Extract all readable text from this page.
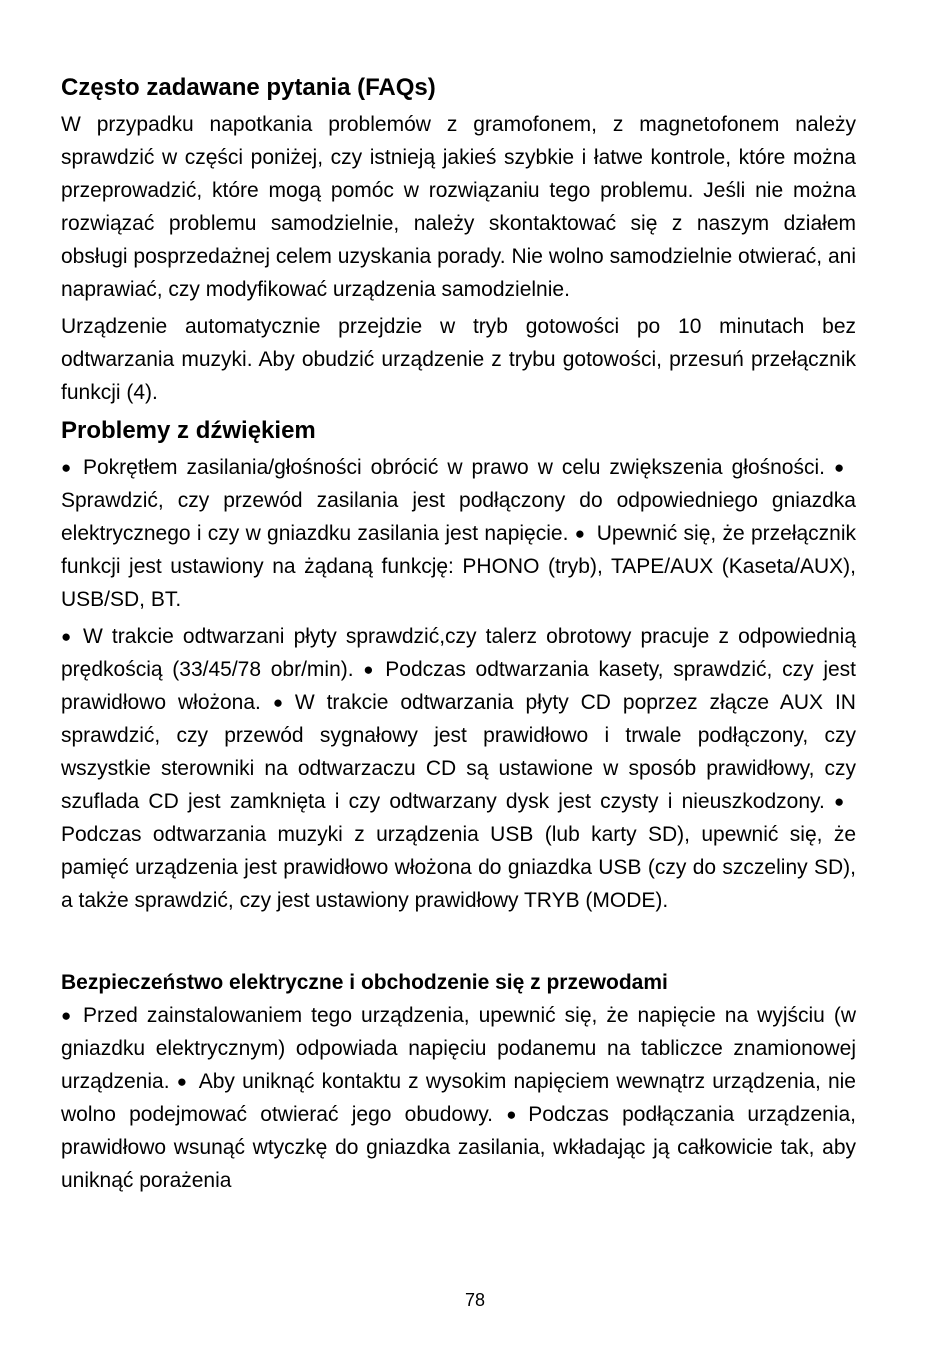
Często zadawane pytania (FAQs)

W przypadku napotkania problemów z gramofonem, z magnetofonem należy sprawdzić w części poniżej, czy istnieją jakieś szybkie i łatwe kontrole, które można przeprowadzić, które mogą pomóc w rozwiązaniu tego problemu. Jeśli nie można rozwiązać problemu samodzielnie, należy skontaktować się z naszym działem obsługi posprzedażnej celem uzyskania porady. Nie wolno samodzielnie otwierać, ani naprawiać, czy modyfikować urządzenia samodzielnie.

Urządzenie automatycznie przejdzie w tryb gotowości po 10 minutach bez odtwarzania muzyki. Aby obudzić urządzenie z trybu gotowości, przesuń przełącznik funkcji (4).

Problemy z dźwiękiem

● Pokrętłem zasilania/głośności obrócić w prawo w celu zwiększenia głośności. ●Sprawdzić, czy przewód zasilania jest podłączony do odpowiedniego gniazdka elektrycznego i czy w gniazdku zasilania jest napięcie. ● Upewnić się, że przełącznik funkcji jest ustawiony na żądaną funkcję: PHONO (tryb), TAPE/AUX (Kaseta/AUX), USB/SD, BT.

● W trakcie odtwarzani płyty sprawdzić,czy talerz obrotowy pracuje z odpowiednią prędkością (33/45/78 obr/min). ● Podczas odtwarzania kasety, sprawdzić, czy jest prawidłowo włożona. ● W trakcie odtwarzania płyty CD poprzez złącze AUX IN sprawdzić, czy przewód sygnałowy jest prawidłowo i trwale podłączony, czy wszystkie sterowniki na odtwarzaczu CD są ustawione w sposób prawidłowy, czy szuflada CD jest zamknięta i czy odtwarzany dysk jest czysty i nieuszkodzony. ●Podczas odtwarzania muzyki z urządzenia USB (lub karty SD), upewnić się, że pamięć urządzenia jest prawidłowo włożona do gniazdka USB (czy do szczeliny SD), a także sprawdzić, czy jest ustawiony prawidłowy TRYB (MODE).

Bezpieczeństwo elektryczne i obchodzenie się z przewodami

● Przed zainstalowaniem tego urządzenia, upewnić się, że napięcie na wyjściu (w gniazdku elektrycznym) odpowiada napięciu podanemu na tabliczce znamionowej urządzenia. ● Aby uniknąć kontaktu z wysokim napięciem wewnątrz urządzenia, nie wolno podejmować otwierać jego obudowy. ● Podczas podłączania urządzenia, prawidłowo wsunąć wtyczkę do gniazdka zasilania, wkładając ją całkowicie tak, aby uniknąć porażenia

78
